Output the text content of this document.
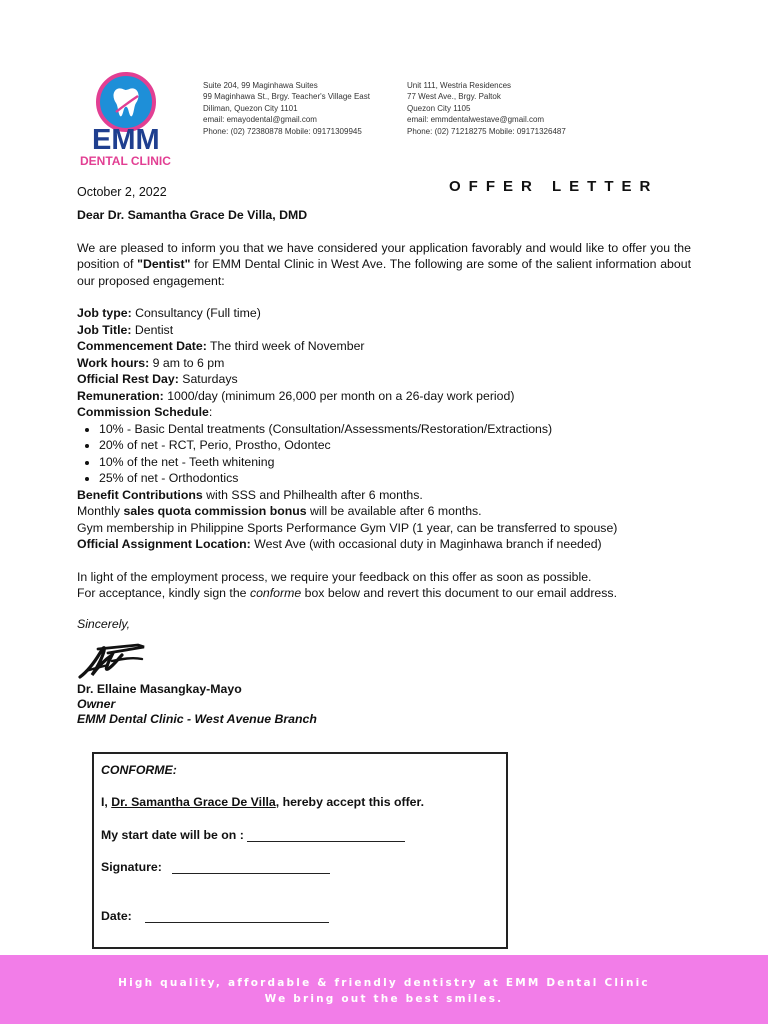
EMM
DENTAL CLINIC
Suite 204, 99 Maginhawa Suites
99 Maginhawa St., Brgy. Teacher's Village East
Diliman, Quezon City 1101
email: emayodental@gmail.com
Phone: (02) 72380878 Mobile: 09171309945
Unit 111, Westria Residences
77 West Ave., Brgy. Paltok
Quezon City 1105
email: emmdentalwestave@gmail.com
Phone: (02) 71218275 Mobile: 09171326487
October 2, 2022	OFFER LETTER
Dear Dr. Samantha Grace De Villa, DMD
We are pleased to inform you that we have considered your application favorably and would like to offer you the position of "Dentist" for EMM Dental Clinic in West Ave. The following are some of the salient information about our proposed engagement:
Job type: Consultancy (Full time)
Job Title: Dentist
Commencement Date: The third week of November
Work hours: 9 am to 6 pm
Official Rest Day: Saturdays
Remuneration: 1000/day (minimum 26,000 per month on a 26-day work period)
Commission Schedule:
• 10% - Basic Dental treatments (Consultation/Assessments/Restoration/Extractions)
• 20% of net - RCT, Perio, Prostho, Odontec
• 10% of the net - Teeth whitening
• 25% of net - Orthodontics
Benefit Contributions with SSS and Philhealth after 6 months.
Monthly sales quota commission bonus will be available after 6 months.
Gym membership in Philippine Sports Performance Gym VIP (1 year, can be transferred to spouse)
Official Assignment Location: West Ave (with occasional duty in Maginhawa branch if needed)
In light of the employment process, we require your feedback on this offer as soon as possible.
For acceptance, kindly sign the conforme box below and revert this document to our email address.
Sincerely,
Dr. Ellaine Masangkay-Mayo
Owner
EMM Dental Clinic - West Avenue Branch
CONFORME:
I, Dr. Samantha Grace De Villa, hereby accept this offer.
My start date will be on :
Signature:
Date:
High quality, affordable & friendly dentistry at EMM Dental Clinic
We bring out the best smiles.
